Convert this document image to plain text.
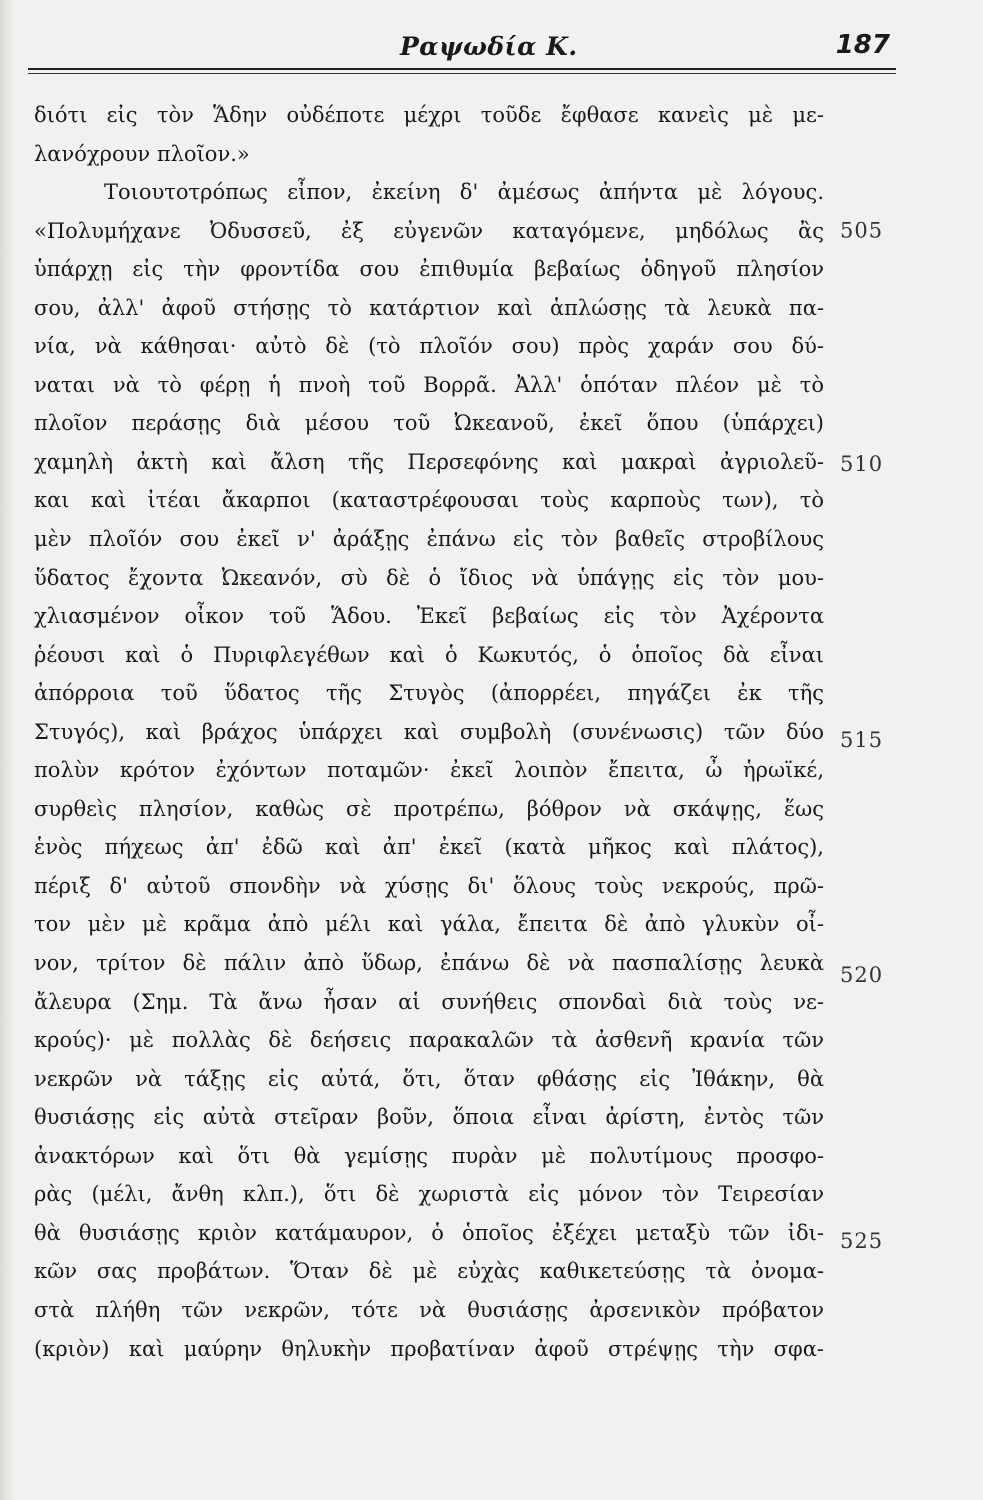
Ραψωδία Κ.	187
διότι εἰς τὸν Ἅδην οὐδέποτε μέχρι τοῦδε ἔφθασε κανεὶς μὲ με-
λανόχρουν πλοῖον.»
Τοιουτοτρόπως εἶπον, ἐκείνη δ' ἀμέσως ἀπήντα μὲ λόγους.
«Πολυμήχανε Ὀδυσσεῦ, ἐξ εὐγενῶν καταγόμενε, μηδόλως ἂς
ὑπάρχῃ εἰς τὴν φροντίδα σου ἐπιθυμία βεβαίως ὁδηγοῦ πλησίον
σου, ἀλλ' ἀφοῦ στήσῃς τὸ κατάρτιον καὶ ἁπλώσῃς τὰ λευκὰ πα-
νία, νὰ κάθησαι· αὐτὸ δὲ (τὸ πλοῖόν σου) πρὸς χαράν σου δύ-
ναται νὰ τὸ φέρῃ ἡ πνοὴ τοῦ Βορρᾶ. Ἀλλ' ὁπόταν πλέον μὲ τὸ
πλοῖον περάσῃς διὰ μέσου τοῦ Ὠκεανοῦ, ἐκεῖ ὅπου (ὑπάρχει)
χαμηλὴ ἀκτὴ καὶ ἄλση τῆς Περσεφόνης καὶ μακραὶ ἀγριολεῦ-
και καὶ ἰτέαι ἄκαρποι (καταστρέφουσαι τοὺς καρποὺς των), τὸ
μὲν πλοῖόν σου ἐκεῖ ν' ἀράξῃς ἐπάνω εἰς τὸν βαθεῖς στροβίλους
ὕδατος ἔχοντα Ὠκεανόν, σὺ δὲ ὁ ἴδιος νὰ ὑπάγῃς εἰς τὸν μου-
χλιασμένον οἶκον τοῦ Ἅδου. Ἐκεῖ βεβαίως εἰς τὸν Ἀχέροντα
ῥέουσι καὶ ὁ Πυριφλεγέθων καὶ ὁ Κωκυτός, ὁ ὁποῖος δὰ εἶναι
ἀπόρροια τοῦ ὕδατος τῆς Στυγὸς (ἀπορρέει, πηγάζει ἐκ τῆς
Στυγός), καὶ βράχος ὑπάρχει καὶ συμβολὴ (συνένωσις) τῶν δύο
πολὺν κρότον ἐχόντων ποταμῶν· ἐκεῖ λοιπὸν ἔπειτα, ὦ ἡρωϊκέ,
συρθεὶς πλησίον, καθὼς σὲ προτρέπω, βόθρον νὰ σκάψῃς, ἕως
ἑνὸς πήχεως ἀπ' ἐδῶ καὶ ἀπ' ἐκεῖ (κατὰ μῆκος καὶ πλάτος),
πέριξ δ' αὐτοῦ σπονδὴν νὰ χύσῃς δι' ὅλους τοὺς νεκρούς, πρῶ-
τον μὲν μὲ κρᾶμα ἀπὸ μέλι καὶ γάλα, ἔπειτα δὲ ἀπὸ γλυκὺν οἶ-
νον, τρίτον δὲ πάλιν ἀπὸ ὕδωρ, ἐπάνω δὲ νὰ πασπαλίσῃς λευκὰ
ἄλευρα (Σημ. Τὰ ἄνω ἦσαν αἱ συνήθεις σπονδαὶ διὰ τοὺς νε-
κρούς)· μὲ πολλὰς δὲ δεήσεις παρακαλῶν τὰ ἀσθενῆ κρανία τῶν
νεκρῶν νὰ τάξῃς εἰς αὐτά, ὅτι, ὅταν φθάσῃς εἰς Ἰθάκην, θὰ
θυσιάσῃς εἰς αὐτὰ στεῖραν βοῦν, ὅποια εἶναι ἀρίστη, ἐντὸς τῶν
ἀνακτόρων καὶ ὅτι θὰ γεμίσῃς πυρὰν μὲ πολυτίμους προσφο-
ρὰς (μέλι, ἄνθη κλπ.), ὅτι δὲ χωριστὰ εἰς μόνον τὸν Τειρεσίαν
θὰ θυσιάσῃς κριὸν κατάμαυρον, ὁ ὁποῖος ἐξέχει μεταξὺ τῶν ἰδι-
κῶν σας προβάτων. Ὅταν δὲ μὲ εὐχὰς καθικετεύσῃς τὰ ὀνομα-
στὰ πλήθη τῶν νεκρῶν, τότε νὰ θυσιάσῃς ἀρσενικὸν πρόβατον
(κριὸν) καὶ μαύρην θηλυκὴν προβατίναν ἀφοῦ στρέψῃς τὴν σφα-
505
510
515
520
525
